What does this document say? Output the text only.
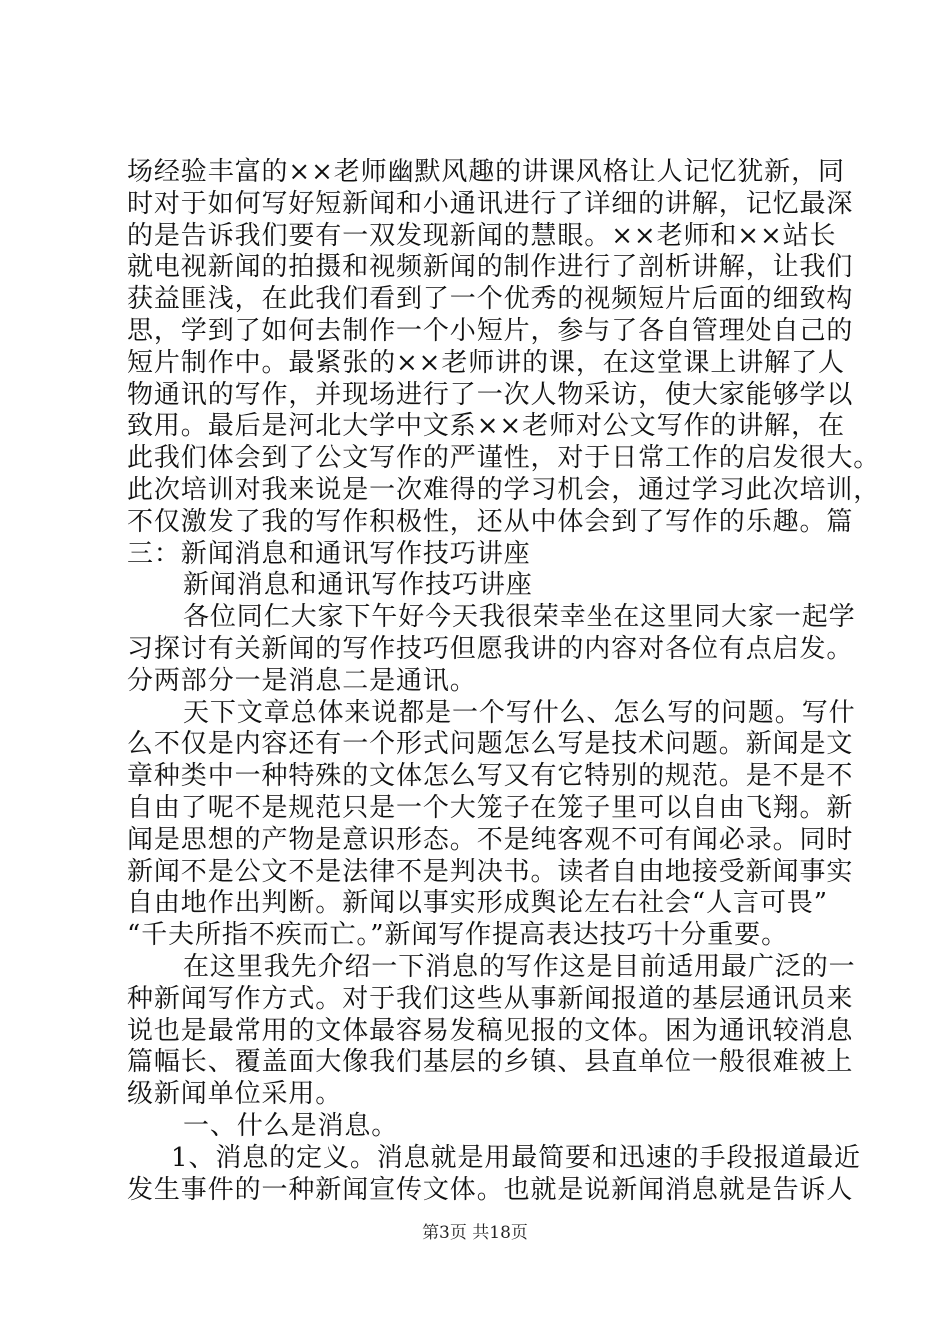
场经验丰富的××老师幽默风趣的讲课风格让人记忆犹新，同
时对于如何写好短新闻和小通讯进行了详细的讲解，记忆最深
的是告诉我们要有一双发现新闻的慧眼。××老师和××站长
就电视新闻的拍摄和视频新闻的制作进行了剖析讲解，让我们
获益匪浅，在此我们看到了一个优秀的视频短片后面的细致构
思，学到了如何去制作一个小短片，参与了各自管理处自己的
短片制作中。最紧张的××老师讲的课，在这堂课上讲解了人
物通讯的写作，并现场进行了一次人物采访，使大家能够学以
致用。最后是河北大学中文系××老师对公文写作的讲解，在
此我们体会到了公文写作的严谨性，对于日常工作的启发很大。
此次培训对我来说是一次难得的学习机会，通过学习此次培训，
不仅激发了我的写作积极性，还从中体会到了写作的乐趣。篇
三：新闻消息和通讯写作技巧讲座
新闻消息和通讯写作技巧讲座
各位同仁大家下午好今天我很荣幸坐在这里同大家一起学
习探讨有关新闻的写作技巧但愿我讲的内容对各位有点启发。
分两部分一是消息二是通讯。
天下文章总体来说都是一个写什么、怎么写的问题。写什
么不仅是内容还有一个形式问题怎么写是技术问题。新闻是文
章种类中一种特殊的文体怎么写又有它特别的规范。是不是不
自由了呢不是规范只是一个大笼子在笼子里可以自由飞翔。新
闻是思想的产物是意识形态。不是纯客观不可有闻必录。同时
新闻不是公文不是法律不是判决书。读者自由地接受新闻事实
自由地作出判断。新闻以事实形成舆论左右社会“人言可畏”
“千夫所指不疾而亡。”新闻写作提高表达技巧十分重要。
在这里我先介绍一下消息的写作这是目前适用最广泛的一
种新闻写作方式。对于我们这些从事新闻报道的基层通讯员来
说也是最常用的文体最容易发稿见报的文体。困为通讯较消息
篇幅长、覆盖面大像我们基层的乡镇、县直单位一般很难被上
级新闻单位采用。
一、什么是消息。
1、消息的定义。消息就是用最简要和迅速的手段报道最近
发生事件的一种新闻宣传文体。也就是说新闻消息就是告诉人
第3页 共18页
